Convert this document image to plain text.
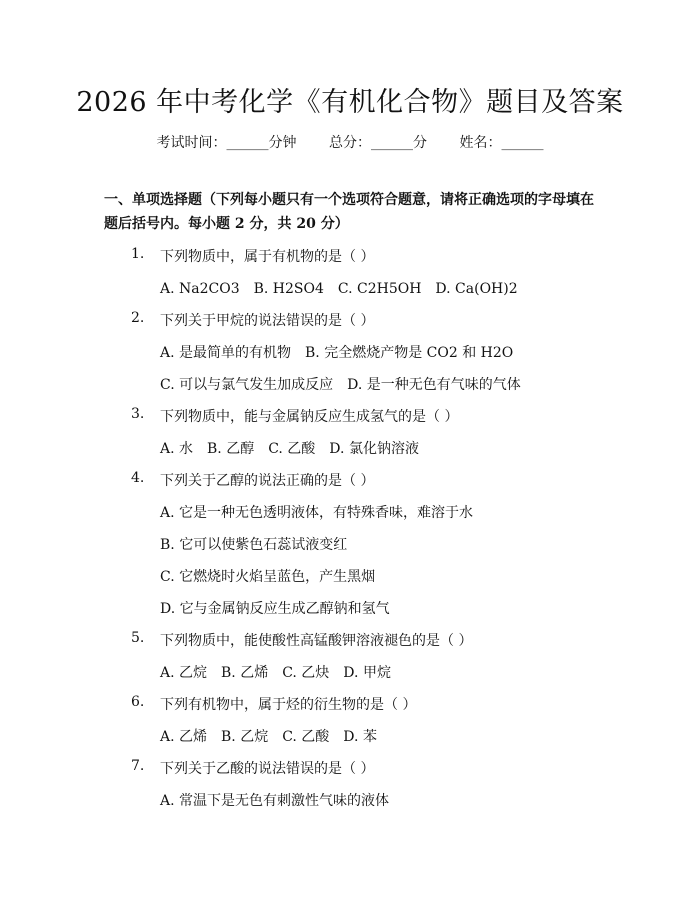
2026 年中考化学《有机化合物》题目及答案
考试时间：______分钟 总分：______分 姓名：______
一、单项选择题（下列每小题只有一个选项符合题意，请将正确选项的字母填在题后括号内。每小题 2 分，共 20 分）
1. 下列物质中，属于有机物的是（ ）
A. Na2CO3　B. H2SO4　C. C2H5OH　D. Ca(OH)2
2. 下列关于甲烷的说法错误的是（ ）
A. 是最简单的有机物　B. 完全燃烧产物是 CO2 和 H2O
C. 可以与氯气发生加成反应　D. 是一种无色有气味的气体
3. 下列物质中，能与金属钠反应生成氢气的是（ ）
A. 水　B. 乙醇　C. 乙酸　D. 氯化钠溶液
4. 下列关于乙醇的说法正确的是（ ）
A. 它是一种无色透明液体，有特殊香味，难溶于水
B. 它可以使紫色石蕊试液变红
C. 它燃烧时火焰呈蓝色，产生黑烟
D. 它与金属钠反应生成乙醇钠和氢气
5. 下列物质中，能使酸性高锰酸钾溶液褪色的是（ ）
A. 乙烷　B. 乙烯　C. 乙炔　D. 甲烷
6. 下列有机物中，属于烃的衍生物的是（ ）
A. 乙烯　B. 乙烷　C. 乙酸　D. 苯
7. 下列关于乙酸的说法错误的是（ ）
A. 常温下是无色有刺激性气味的液体
